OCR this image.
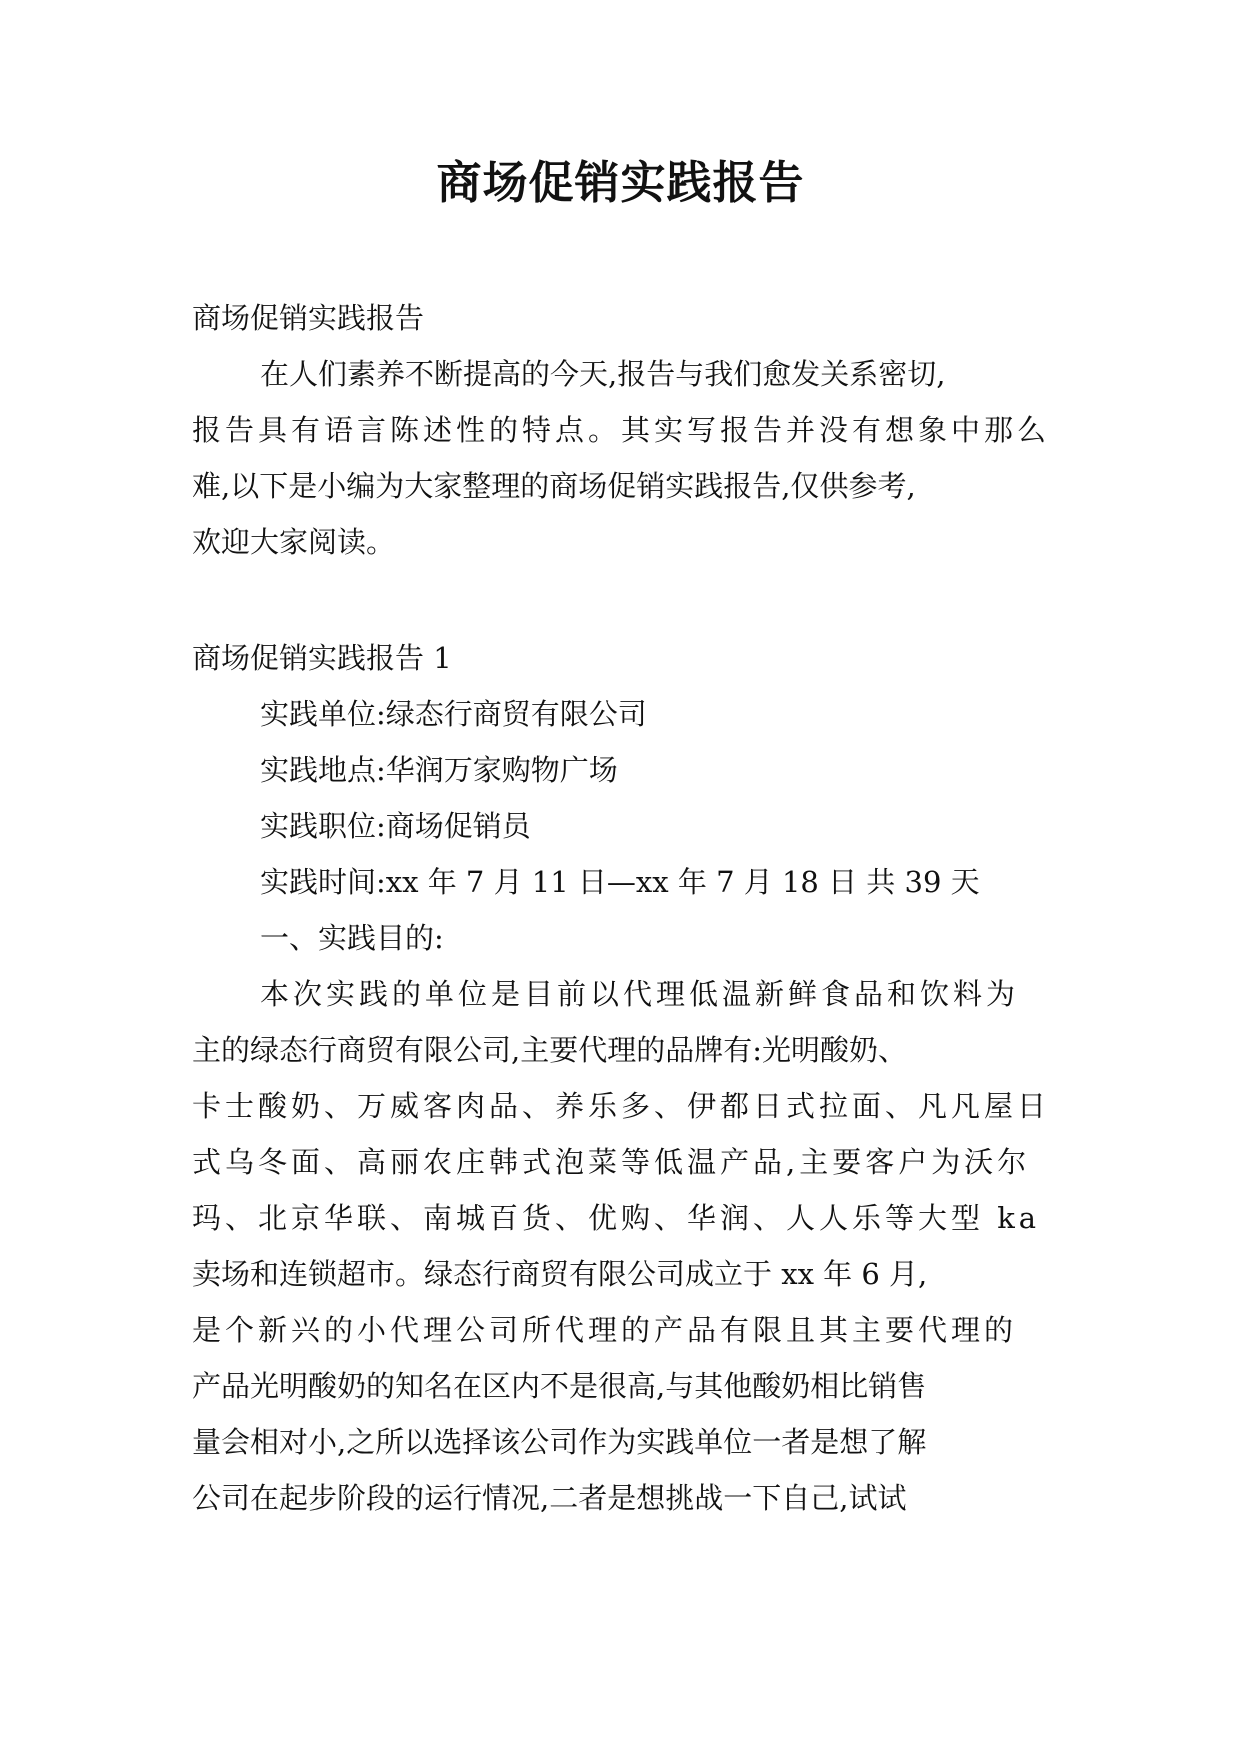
商场促销实践报告

商场促销实践报告

在人们素养不断提高的今天,报告与我们愈发关系密切,

报告具有语言陈述性的特点。其实写报告并没有想象中那么

难,以下是小编为大家整理的商场促销实践报告,仅供参考,

欢迎大家阅读。

商场促销实践报告 1

实践单位:绿态行商贸有限公司

实践地点:华润万家购物广场

实践职位:商场促销员

实践时间:xx 年 7 月 11 日—xx 年 7 月 18 日 共 39 天

一、实践目的:

本次实践的单位是目前以代理低温新鲜食品和饮料为

主的绿态行商贸有限公司,主要代理的品牌有:光明酸奶、

卡士酸奶、万威客肉品、养乐多、伊都日式拉面、凡凡屋日

式乌冬面、高丽农庄韩式泡菜等低温产品,主要客户为沃尔

玛、北京华联、南城百货、优购、华润、人人乐等大型 ka

卖场和连锁超市。绿态行商贸有限公司成立于 xx 年 6 月,

是个新兴的小代理公司所代理的产品有限且其主要代理的

产品光明酸奶的知名在区内不是很高,与其他酸奶相比销售

量会相对小,之所以选择该公司作为实践单位一者是想了解

公司在起步阶段的运行情况,二者是想挑战一下自己,试试
